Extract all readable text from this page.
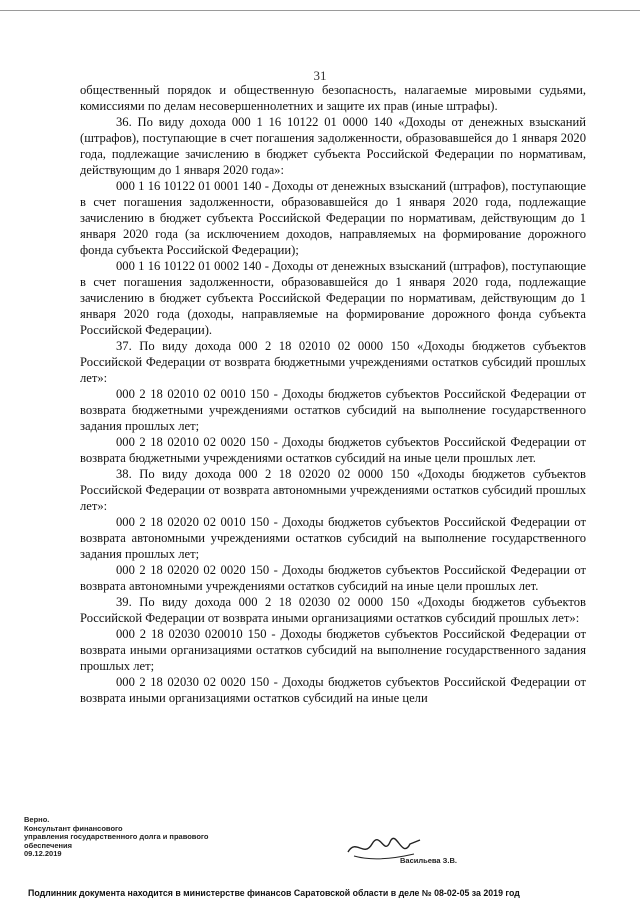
31

общественный порядок и общественную безопасность, налагаемые мировыми судьями, комиссиями по делам несовершеннолетних и защите их прав (иные штрафы).

36. По виду дохода 000 1 16 10122 01 0000 140 «Доходы от денежных взысканий (штрафов), поступающие в счет погашения задолженности, образовавшейся до 1 января 2020 года, подлежащие зачислению в бюджет субъекта Российской Федерации по нормативам, действующим до 1 января 2020 года»:

000 1 16 10122 01 0001 140 - Доходы от денежных взысканий (штрафов), поступающие в счет погашения задолженности, образовавшейся до 1 января 2020 года, подлежащие зачислению в бюджет субъекта Российской Федерации по нормативам, действующим до 1 января 2020 года (за исключением доходов, направляемых на формирование дорожного фонда субъекта Российской Федерации);

000 1 16 10122 01 0002 140 - Доходы от денежных взысканий (штрафов), поступающие в счет погашения задолженности, образовавшейся до 1 января 2020 года, подлежащие зачислению в бюджет субъекта Российской Федерации по нормативам, действующим до 1 января 2020 года (доходы, направляемые на формирование дорожного фонда субъекта Российской Федерации).

37. По виду дохода 000 2 18 02010 02 0000 150 «Доходы бюджетов субъектов Российской Федерации от возврата бюджетными учреждениями остатков субсидий прошлых лет»:

000 2 18 02010 02 0010 150 - Доходы бюджетов субъектов Российской Федерации от возврата бюджетными учреждениями остатков субсидий на выполнение государственного задания прошлых лет;

000 2 18 02010 02 0020 150 - Доходы бюджетов субъектов Российской Федерации от возврата бюджетными учреждениями остатков субсидий на иные цели прошлых лет.

38. По виду дохода 000 2 18 02020 02 0000 150 «Доходы бюджетов субъектов Российской Федерации от возврата автономными учреждениями остатков субсидий прошлых лет»:

000 2 18 02020 02 0010 150 - Доходы бюджетов субъектов Российской Федерации от возврата автономными учреждениями остатков субсидий на выполнение государственного задания прошлых лет;

000 2 18 02020 02 0020 150 - Доходы бюджетов субъектов Российской Федерации от возврата автономными учреждениями остатков субсидий на иные цели прошлых лет.

39. По виду дохода 000 2 18 02030 02 0000 150 «Доходы бюджетов субъектов Российской Федерации от возврата иными организациями остатков субсидий прошлых лет»:

000 2 18 02030 020010 150 - Доходы бюджетов субъектов Российской Федерации от возврата иными организациями остатков субсидий на выполнение государственного задания прошлых лет;

000 2 18 02030 02 0020 150 - Доходы бюджетов субъектов Российской Федерации от возврата иными организациями остатков субсидий на иные цели

Верно.
Консультант финансового
управления государственного долга и правового обеспечения
09.12.2019
Васильева З.В.
Подлинник документа находится в министерстве финансов Саратовской области в деле № 08-02-05 за 2019 год
